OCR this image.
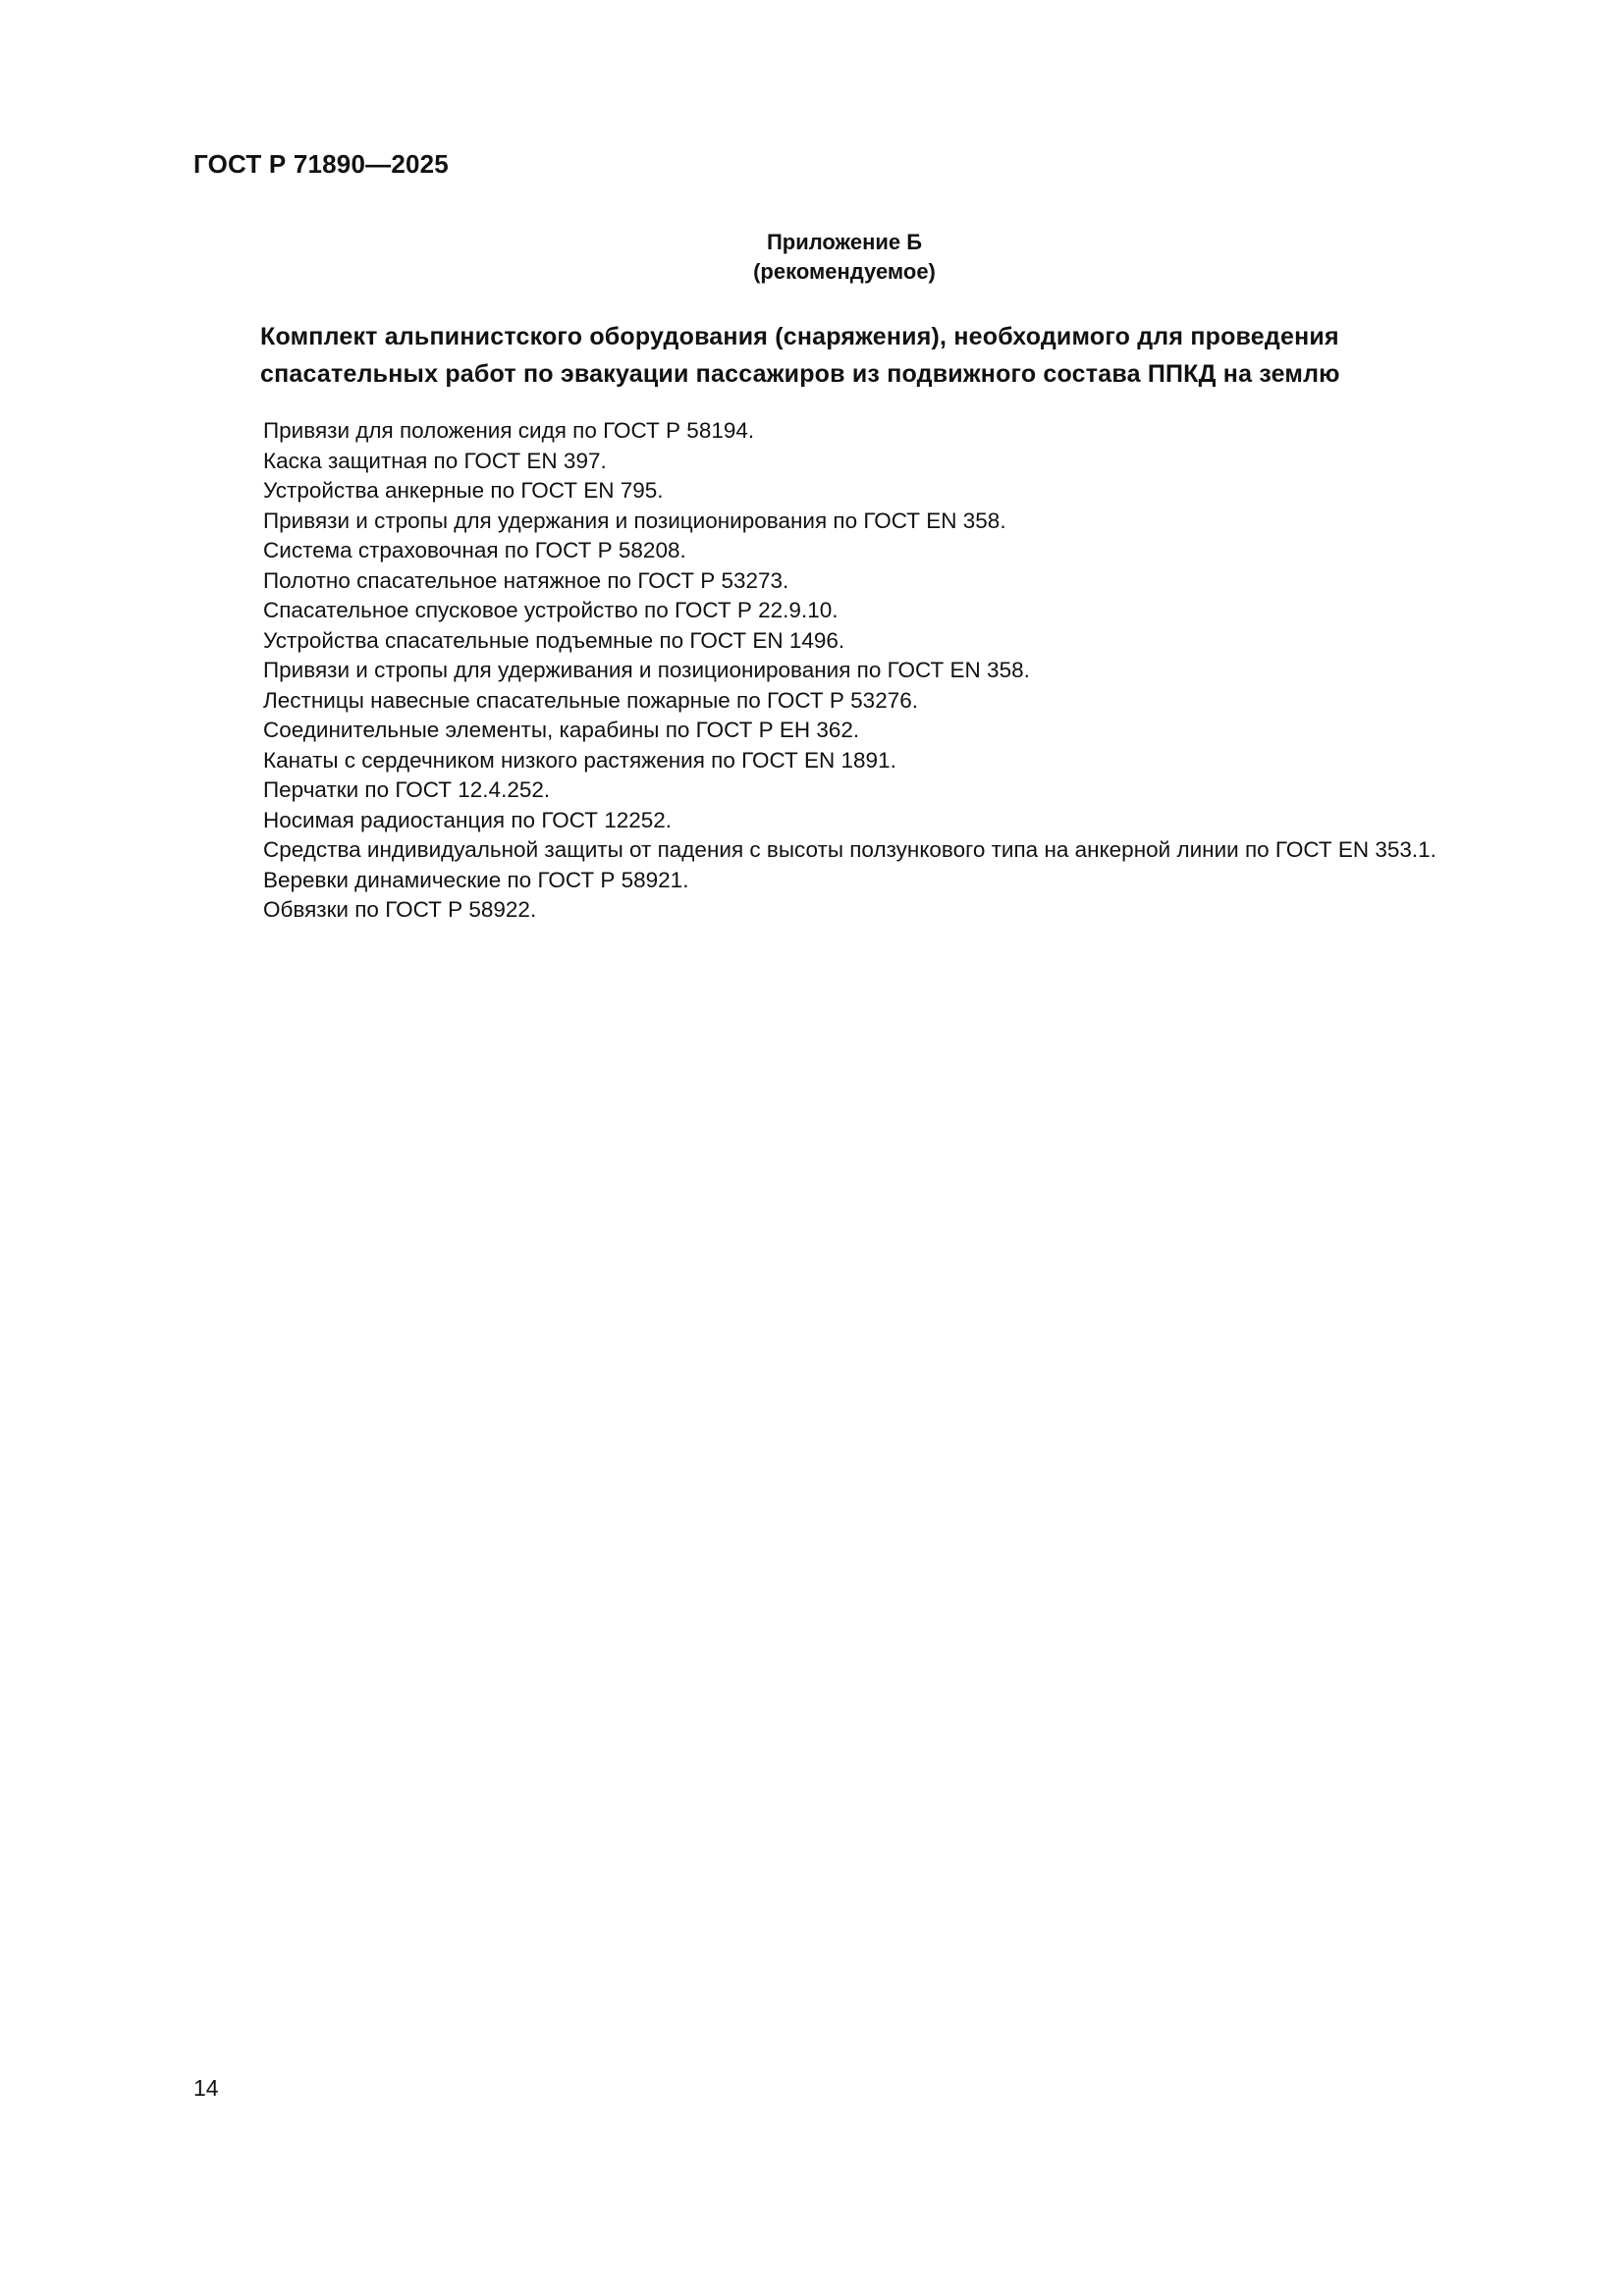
ГОСТ Р 71890—2025
Приложение Б
(рекомендуемое)
Комплект альпинистского оборудования (снаряжения), необходимого для проведения
спасательных работ по эвакуации пассажиров из подвижного состава ППКД на землю

Привязи для положения сидя по ГОСТ Р 58194.

Каска защитная по ГОСТ EN 397.

Устройства анкерные по ГОСТ EN 795.

Привязи и стропы для удержания и позиционирования по ГОСТ EN 358.

Система страховочная по ГОСТ Р 58208.

Полотно спасательное натяжное по ГОСТ Р 53273.

Спасательное спусковое устройство по ГОСТ Р 22.9.10.

Устройства спасательные подъемные по ГОСТ EN 1496.

Привязи и стропы для удерживания и позиционирования по ГОСТ EN 358.

Лестницы навесные спасательные пожарные по ГОСТ Р 53276.

Соединительные элементы, карабины по ГОСТ Р ЕН 362.

Канаты с сердечником низкого растяжения по ГОСТ EN 1891.

Перчатки по ГОСТ 12.4.252.

Носимая радиостанция по ГОСТ 12252.

Средства индивидуальной защиты от падения с высоты ползункового типа на анкерной линии по ГОСТ EN 353.1.

Веревки динамические по ГОСТ Р 58921.

Обвязки по ГОСТ Р 58922.

14
